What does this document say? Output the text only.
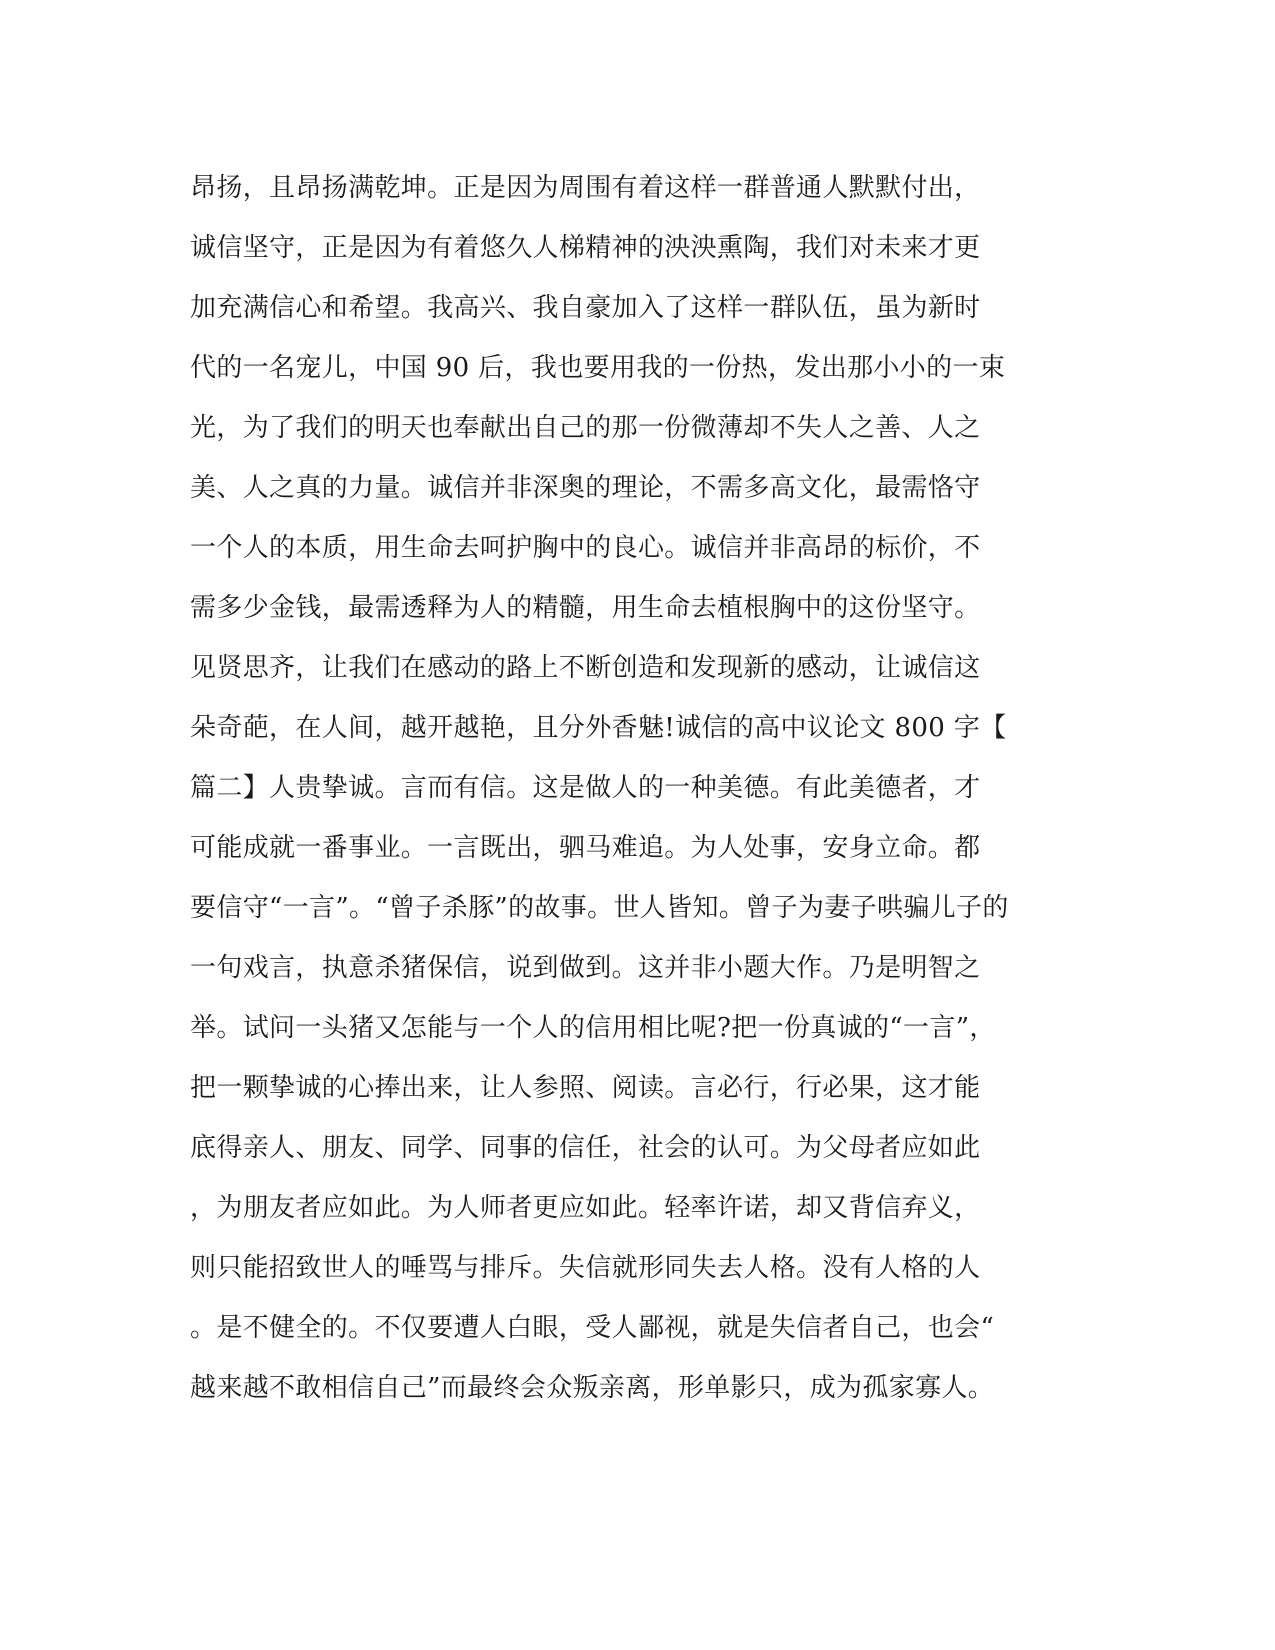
昂扬，且昂扬满乾坤。正是因为周围有着这样一群普通人默默付出，
诚信坚守，正是因为有着悠久人梯精神的泱泱熏陶，我们对未来才更
加充满信心和希望。我高兴、我自豪加入了这样一群队伍，虽为新时
代的一名宠儿，中国 90 后，我也要用我的一份热，发出那小小的一束
光，为了我们的明天也奉献出自己的那一份微薄却不失人之善、人之
美、人之真的力量。诚信并非深奥的理论，不需多高文化，最需恪守
一个人的本质，用生命去呵护胸中的良心。诚信并非高昂的标价，不
需多少金钱，最需透释为人的精髓，用生命去植根胸中的这份坚守。
见贤思齐，让我们在感动的路上不断创造和发现新的感动，让诚信这
朵奇葩，在人间，越开越艳，且分外香魅!诚信的高中议论文 800 字【
篇二】人贵挚诚。言而有信。这是做人的一种美德。有此美德者，才
可能成就一番事业。一言既出，驷马难追。为人处事，安身立命。都
要信守“一言”。“曾子杀豚”的故事。世人皆知。曾子为妻子哄骗儿子的
一句戏言，执意杀猪保信，说到做到。这并非小题大作。乃是明智之
举。试问一头猪又怎能与一个人的信用相比呢?把一份真诚的“一言”，
把一颗挚诚的心捧出来，让人参照、阅读。言必行，行必果，这才能
底得亲人、朋友、同学、同事的信任，社会的认可。为父母者应如此
，为朋友者应如此。为人师者更应如此。轻率许诺，却又背信弃义，
则只能招致世人的唾骂与排斥。失信就形同失去人格。没有人格的人
。是不健全的。不仅要遭人白眼，受人鄙视，就是失信者自己，也会“
越来越不敢相信自己”而最终会众叛亲离，形单影只，成为孤家寡人。
